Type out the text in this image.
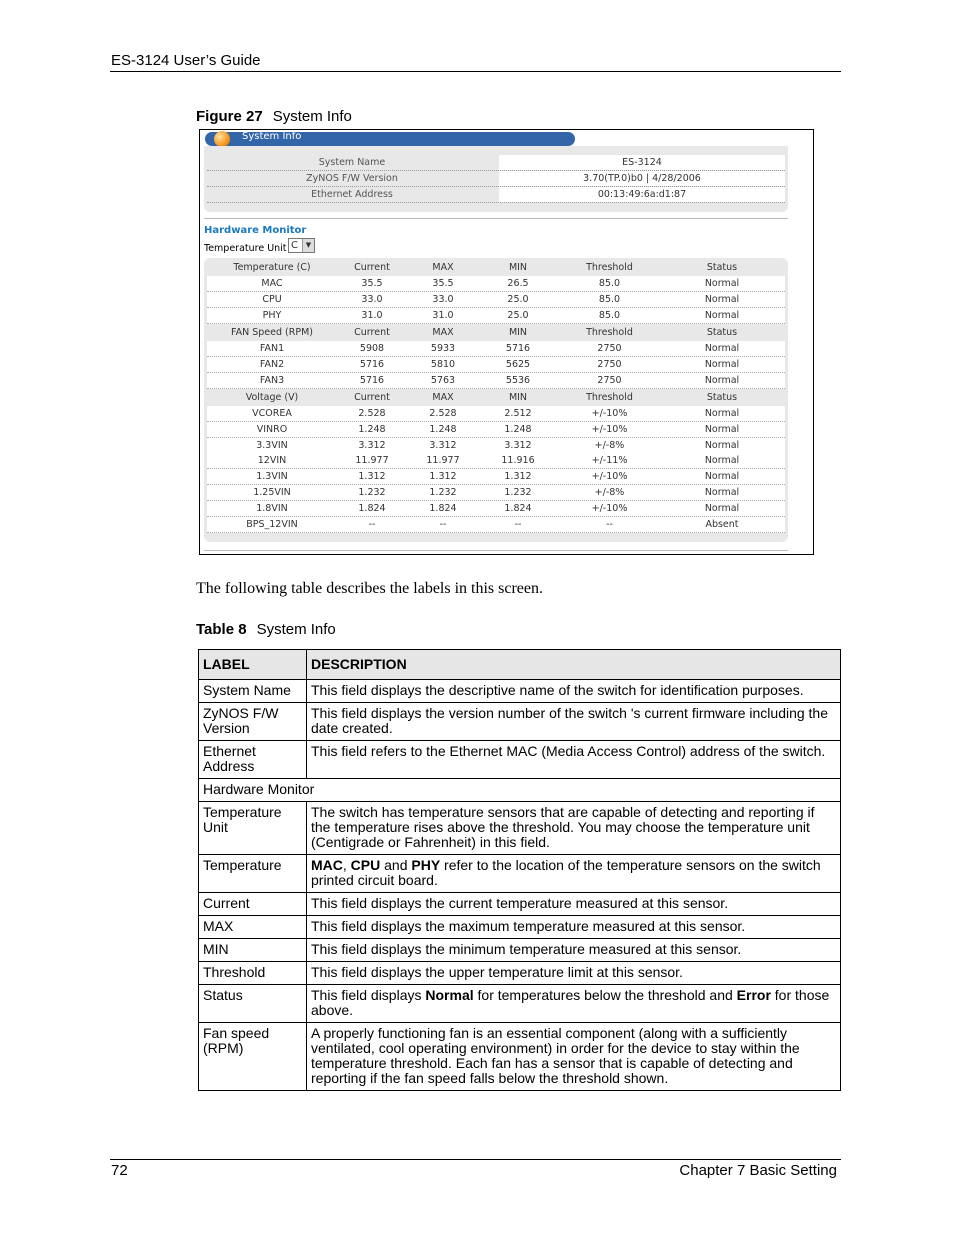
ES-3124 User’s Guide
Figure 27 System Info
System Info
System Name	ES-3124
ZyNOS F/W Version	3.70(TP.0)b0 | 4/28/2006
Ethernet Address	00:13:49:6a:d1:87
Hardware Monitor
Temperature Unit C	▼
Temperature (C)	Current	MAX	MIN	Threshold	Status
MAC	35.5	35.5	26.5	85.0	Normal
CPU	33.0	33.0	25.0	85.0	Normal
PHY	31.0	31.0	25.0	85.0	Normal
FAN Speed (RPM)	Current	MAX	MIN	Threshold	Status
FAN1	5908	5933	5716	2750	Normal
FAN2	5716	5810	5625	2750	Normal
FAN3	5716	5763	5536	2750	Normal
Voltage (V)	Current	MAX	MIN	Threshold	Status
VCOREA	2.528	2.528	2.512	+/-10%	Normal
VINRO	1.248	1.248	1.248	+/-10%	Normal
3.3VIN	3.312	3.312	3.312	+/-8%	Normal
12VIN	11.977	11.977	11.916	+/-11%	Normal
1.3VIN	1.312	1.312	1.312	+/-10%	Normal
1.25VIN	1.232	1.232	1.232	+/-8%	Normal
1.8VIN	1.824	1.824	1.824	+/-10%	Normal
BPS_12VIN	--	--	--	--	Absent
The following table describes the labels in this screen.
Table 8 System Info
LABEL	DESCRIPTION
System Name	This field displays the descriptive name of the switch for identification purposes.
ZyNOS F/W Version	This field displays the version number of the switch 's current firmware including the date created.
Ethernet Address	This field refers to the Ethernet MAC (Media Access Control) address of the switch.
Hardware Monitor	
Temperature Unit	The switch has temperature sensors that are capable of detecting and reporting if the temperature rises above the threshold. You may choose the temperature unit (Centigrade or Fahrenheit) in this field.
Temperature	MAC, CPU and PHY refer to the location of the temperature sensors on the switch printed circuit board.
Current	This field displays the current temperature measured at this sensor.
MAX	This field displays the maximum temperature measured at this sensor.
MIN	This field displays the minimum temperature measured at this sensor.
Threshold	This field displays the upper temperature limit at this sensor.
Status	This field displays Normal for temperatures below the threshold and Error for those above.
Fan speed (RPM)	A properly functioning fan is an essential component (along with a sufficiently ventilated, cool operating environment) in order for the device to stay within the temperature threshold. Each fan has a sensor that is capable of detecting and reporting if the fan speed falls below the threshold shown.
72	Chapter 7 Basic Setting
